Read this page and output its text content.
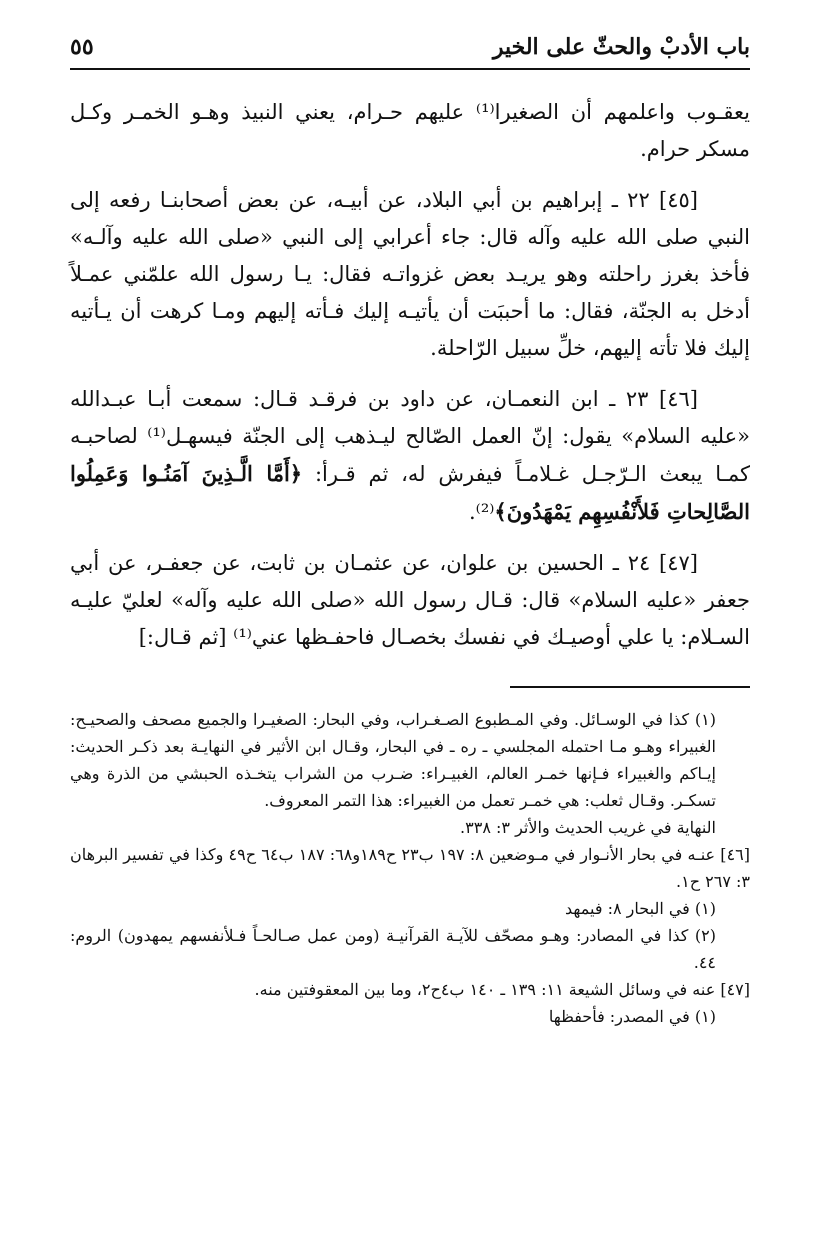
باب الأدبْ والحثّ على الخير
٥٥

يعقـوب واعلمهم أن الصغيرا⁽¹⁾ عليهم حـرام، يعني النبيذ وهـو الخمـر وكـل مسكر حرام.

[٤٥] ٢٢ ـ إبراهيم بن أبي البلاد، عن أبيـه، عن بعض أصحابنـا رفعه إلى النبي صلى الله عليه وآله قال: جاء أعرابي إلى النبي «صلى الله عليه وآلـه» فأخذ بغرز راحلته وهو يريـد بعض غزواتـه فقال: يـا رسول الله علمّني عمـلاً أدخل به الجنّة، فقال: ما أحببَت أن يأتيـه إليك فـأته إليهم ومـا كرهت أن يـأتيه إليك فلا تأته إليهم، خلِّ سبيل الرّاحلة.

[٤٦] ٢٣ ـ ابن النعمـان، عن داود بن فرقـد قـال: سمعت أبـا عبـدالله «عليه السلام» يقول: إنّ العمل الصّالح ليـذهب إلى الجنّة فيسهـل⁽¹⁾ لصاحبـه كمـا يبعث الـرّجـل غـلامـاً فيفرش له، ثم قـرأ: ﴿أَمَّا الَّـذِينَ آمَنُـوا وَعَمِلُوا الصَّالِحاتِ فَلأَنْفُسِهِم يَمْهَدُونَ﴾⁽²⁾.

[٤٧] ٢٤ ـ الحسين بن علوان، عن عثمـان بن ثابت، عن جعفـر، عن أبي جعفر «عليه السلام» قال: قـال رسول الله «صلى الله عليه وآله» لعليّ عليـه السـلام: يا علي أوصيـك في نفسك بخصـال فاحفـظها عني⁽¹⁾ [ثم قـال:]

(١) كذا في الوسـائل. وفي المـطبوع الصـغـراب، وفي البحار: الصغيـرا والجميع مصحف والصحيـح: الغبيراء وهـو مـا احتمله المجلسي ـ ره ـ في البحار، وقـال ابن الأثير في النهايـة بعد ذكـر الحديث: إيـاكم والغبيراء فـإنها خمـر العالم، الغبيـراء: ضـرب من الشراب يتخـذه الحبشي من الذرة وهي تسكـر. وقـال ثعلب: هي خمـر تعمل من الغبيراء: هذا التمر المعروف.

النهاية في غريب الحديث والأثر ٣: ٣٣٨.

[٤٦] عنـه في بحار الأنـوار في مـوضعين ٨: ١٩٧ ب٢٣ ح١٨٩و٦٨: ١٨٧ ب٦٤ ح٤٩ وكذا في تفسير البرهان ٣: ٢٦٧ ح١.

(١) في البحار ٨: فيمهد

(٢) كذا في المصادر: وهـو مصحّف للآيـة القرآنيـة (ومن عمل صـالحـاً فـلأنفسهم يمهدون) الروم: ٤٤.

[٤٧] عنه في وسائل الشيعة ١١: ١٣٩ ـ ١٤٠ ب٤ح٢، وما بين المعقوفتين منه.

(١) في المصدر: فأحفظها
